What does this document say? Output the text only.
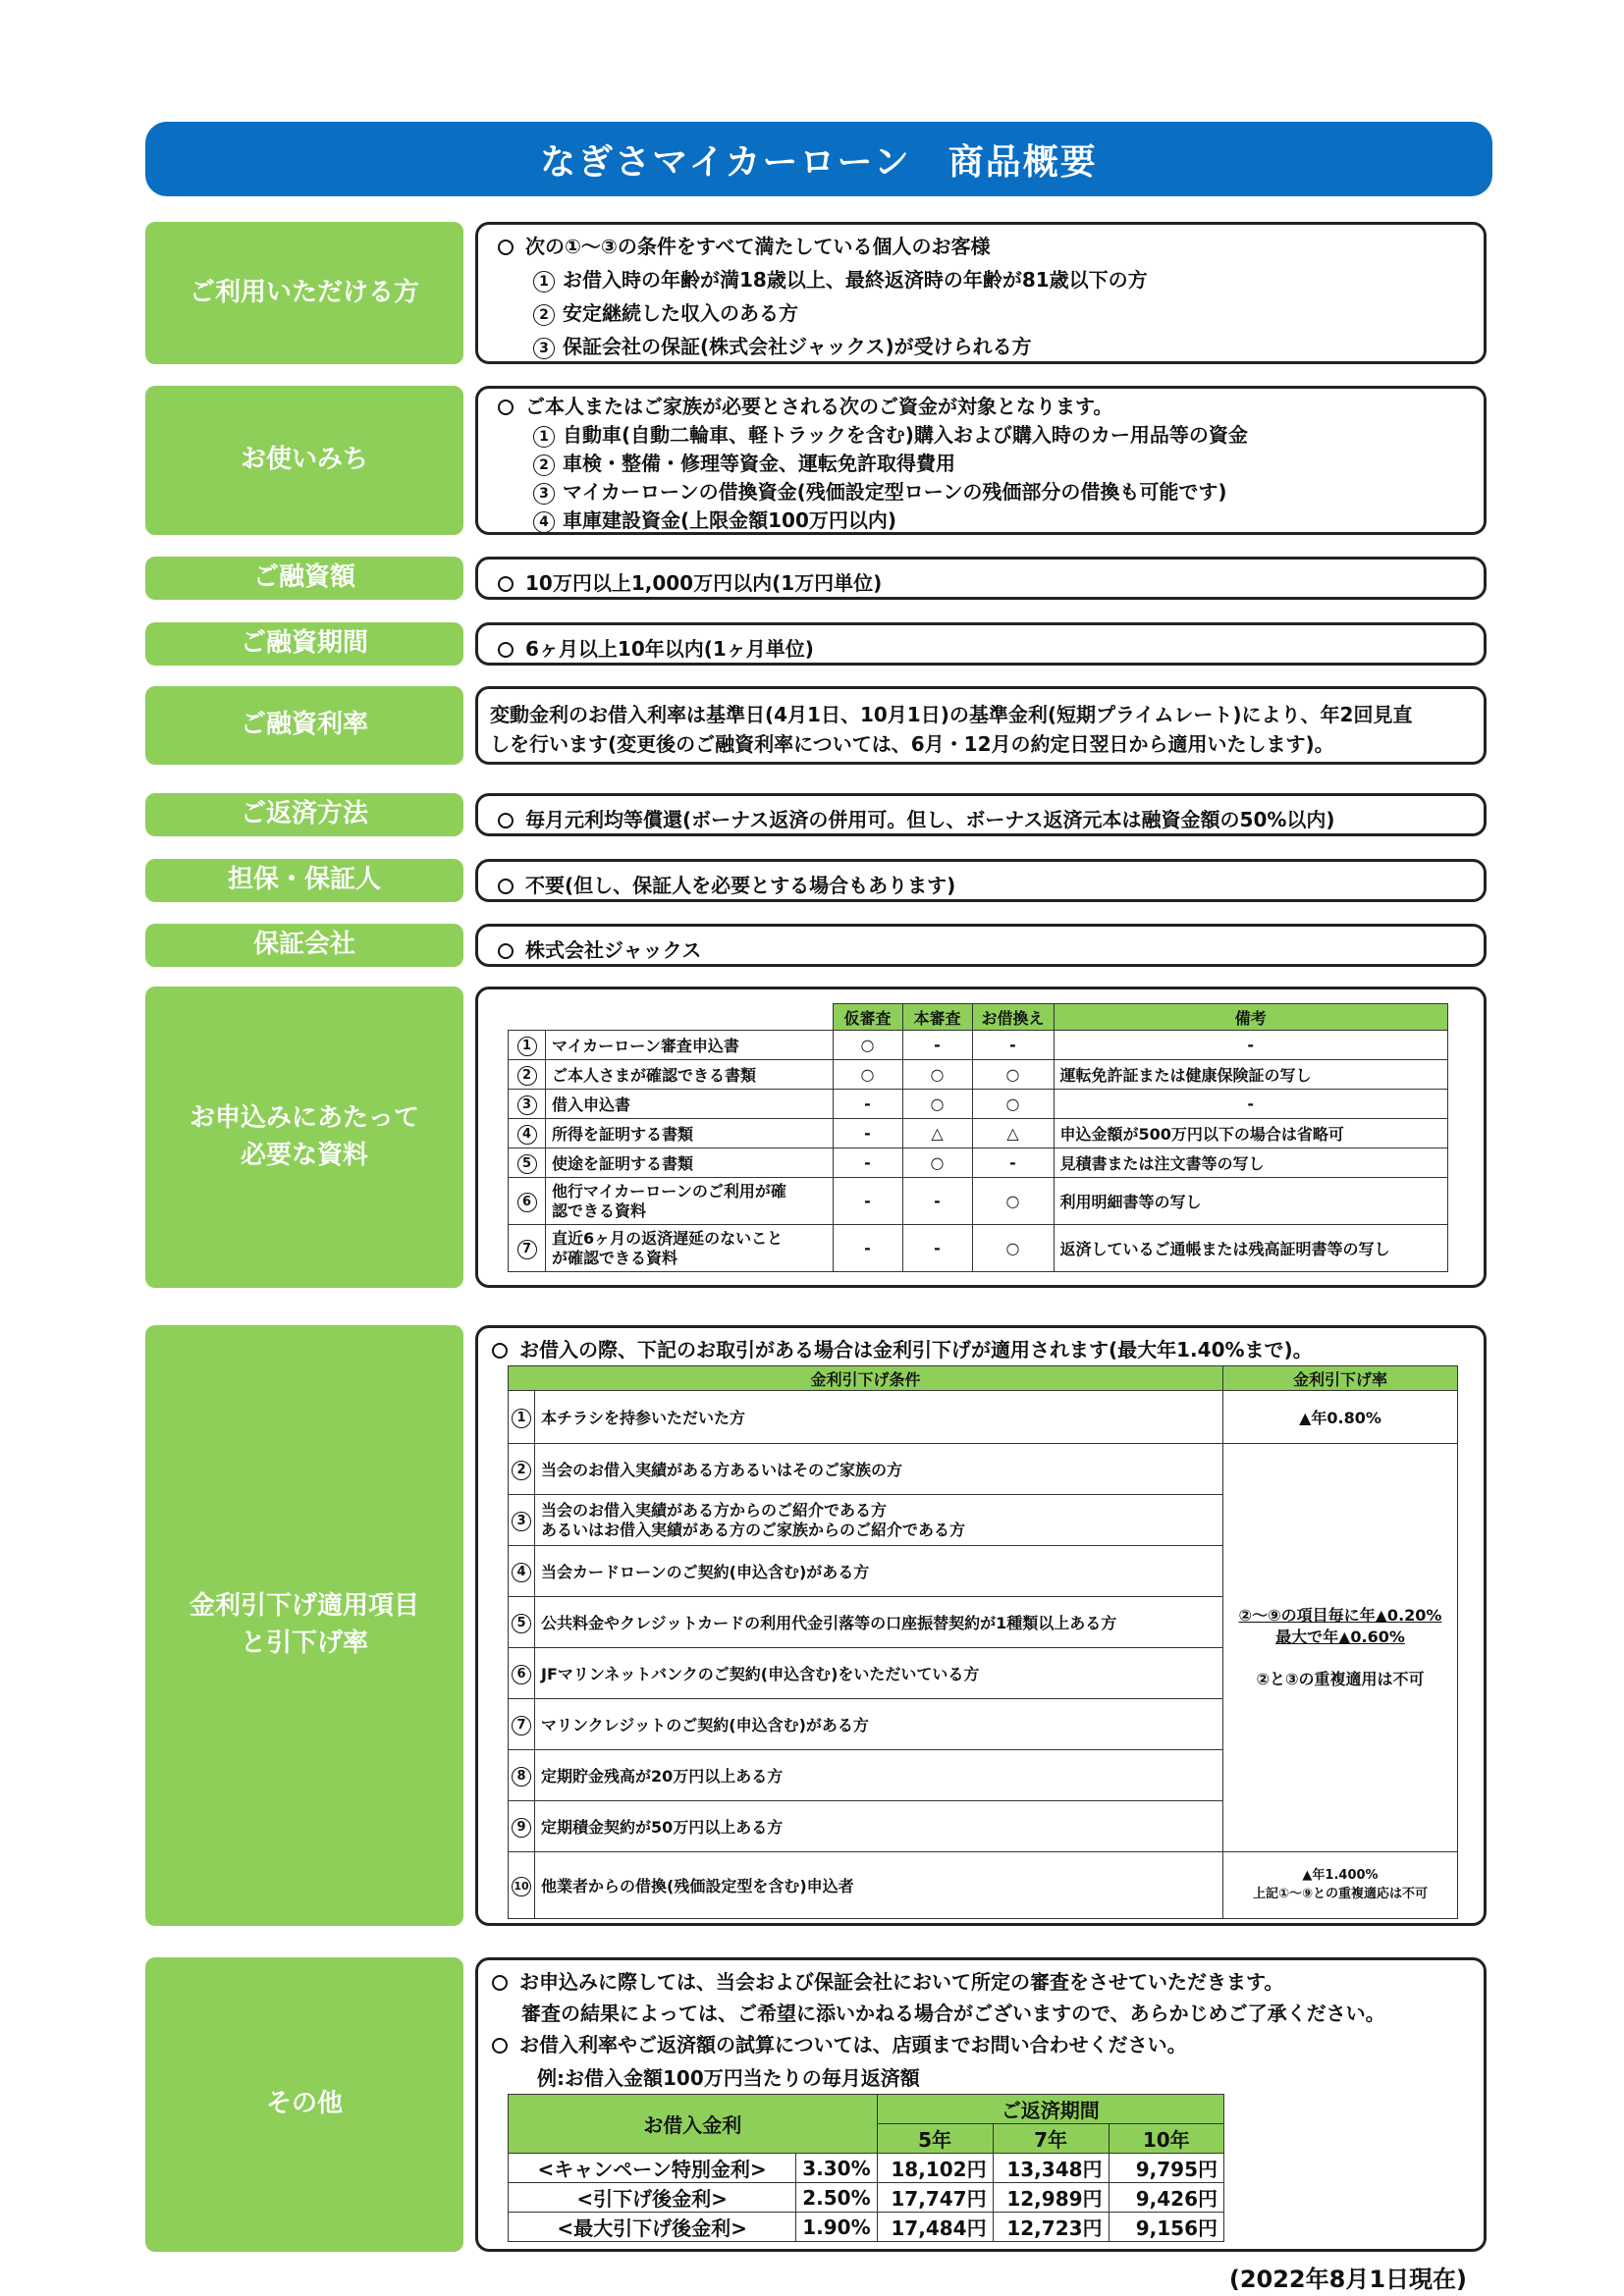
なぎさマイカーローン　商品概要
ご利用いただける方
次の①～③の条件をすべて満たしている個人のお客様
1 お借入時の年齢が満18歳以上、最終返済時の年齢が81歳以下の方
2 安定継続した収入のある方
3 保証会社の保証(株式会社ジャックス)が受けられる方
お使いみち
ご本人またはご家族が必要とされる次のご資金が対象となります。
1 自動車(自動二輪車、軽トラックを含む)購入および購入時のカー用品等の資金
2 車検・整備・修理等資金、運転免許取得費用
3 マイカーローンの借換資金(残価設定型ローンの残価部分の借換も可能です)
4 車庫建設資金(上限金額100万円以内)
ご融資額	10万円以上1,000万円以内(1万円単位)
ご融資期間	6ヶ月以上10年以内(1ヶ月単位)
ご融資利率	変動金利のお借入利率は基準日(4月1日、10月1日)の基準金利(短期プライムレート)により、年2回見直
しを行います(変更後のご融資利率については、6月・12月の約定日翌日から適用いたします)。
ご返済方法	毎月元利均等償還(ボーナス返済の併用可。但し、ボーナス返済元本は融資金額の50%以内)
担保・保証人	不要(但し、保証人を必要とする場合もあります)
保証会社	株式会社ジャックス
お申込みにあたって
必要な資料
		仮審査	本審査	お借換え	備考
1	マイカーローン審査申込書	○	-	-	-
2	ご本人さまが確認できる書類	○	○	○	運転免許証または健康保険証の写し
3	借入申込書	-	○	○	-
4	所得を証明する書類	-	△	△	申込金額が500万円以下の場合は省略可
5	使途を証明する書類	-	○	-	見積書または注文書等の写し
6	他行マイカーローンのご利用が確
認できる資料	-	-	○	利用明細書等の写し
7	直近6ヶ月の返済遅延のないこと
が確認できる資料	-	-	○	返済しているご通帳または残高証明書等の写し
金利引下げ適用項目
と引下げ率
お借入の際、下記のお取引がある場合は金利引下げが適用されます(最大年1.40%まで)。
金利引下げ条件		金利引下げ率
1	本チラシを持参いただいた方	▲年0.80%
2	当会のお借入実績がある方あるいはそのご家族の方	②～⑨の項目毎に年▲0.20%
最大で年▲0.60%

②と③の重複適用は不可
3	当会のお借入実績がある方からのご紹介である方
あるいはお借入実績がある方のご家族からのご紹介である方	
4	当会カードローンのご契約(申込含む)がある方	
5	公共料金やクレジットカードの利用代金引落等の口座振替契約が1種類以上ある方	
6	JFマリンネットバンクのご契約(申込含む)をいただいている方	
7	マリンクレジットのご契約(申込含む)がある方	
8	定期貯金残高が20万円以上ある方	
9	定期積金契約が50万円以上ある方	
10	他業者からの借換(残価設定型を含む)申込者	▲年1.400%
上記①～⑨との重複適応は不可
その他
お申込みに際しては、当会および保証会社において所定の審査をさせていただきます。
審査の結果によっては、ご希望に添いかねる場合がございますので、あらかじめご了承ください。
お借入利率やご返済額の試算については、店頭までお問い合わせください。
例:お借入金額100万円当たりの毎月返済額
お借入金利		ご返済期間		
		5年	7年	10年
<キャンペーン特別金利>	3.30%	18,102円	13,348円	9,795円
<引下げ後金利>	2.50%	17,747円	12,989円	9,426円
<最大引下げ後金利>	1.90%	17,484円	12,723円	9,156円
(2022年8月1日現在)
